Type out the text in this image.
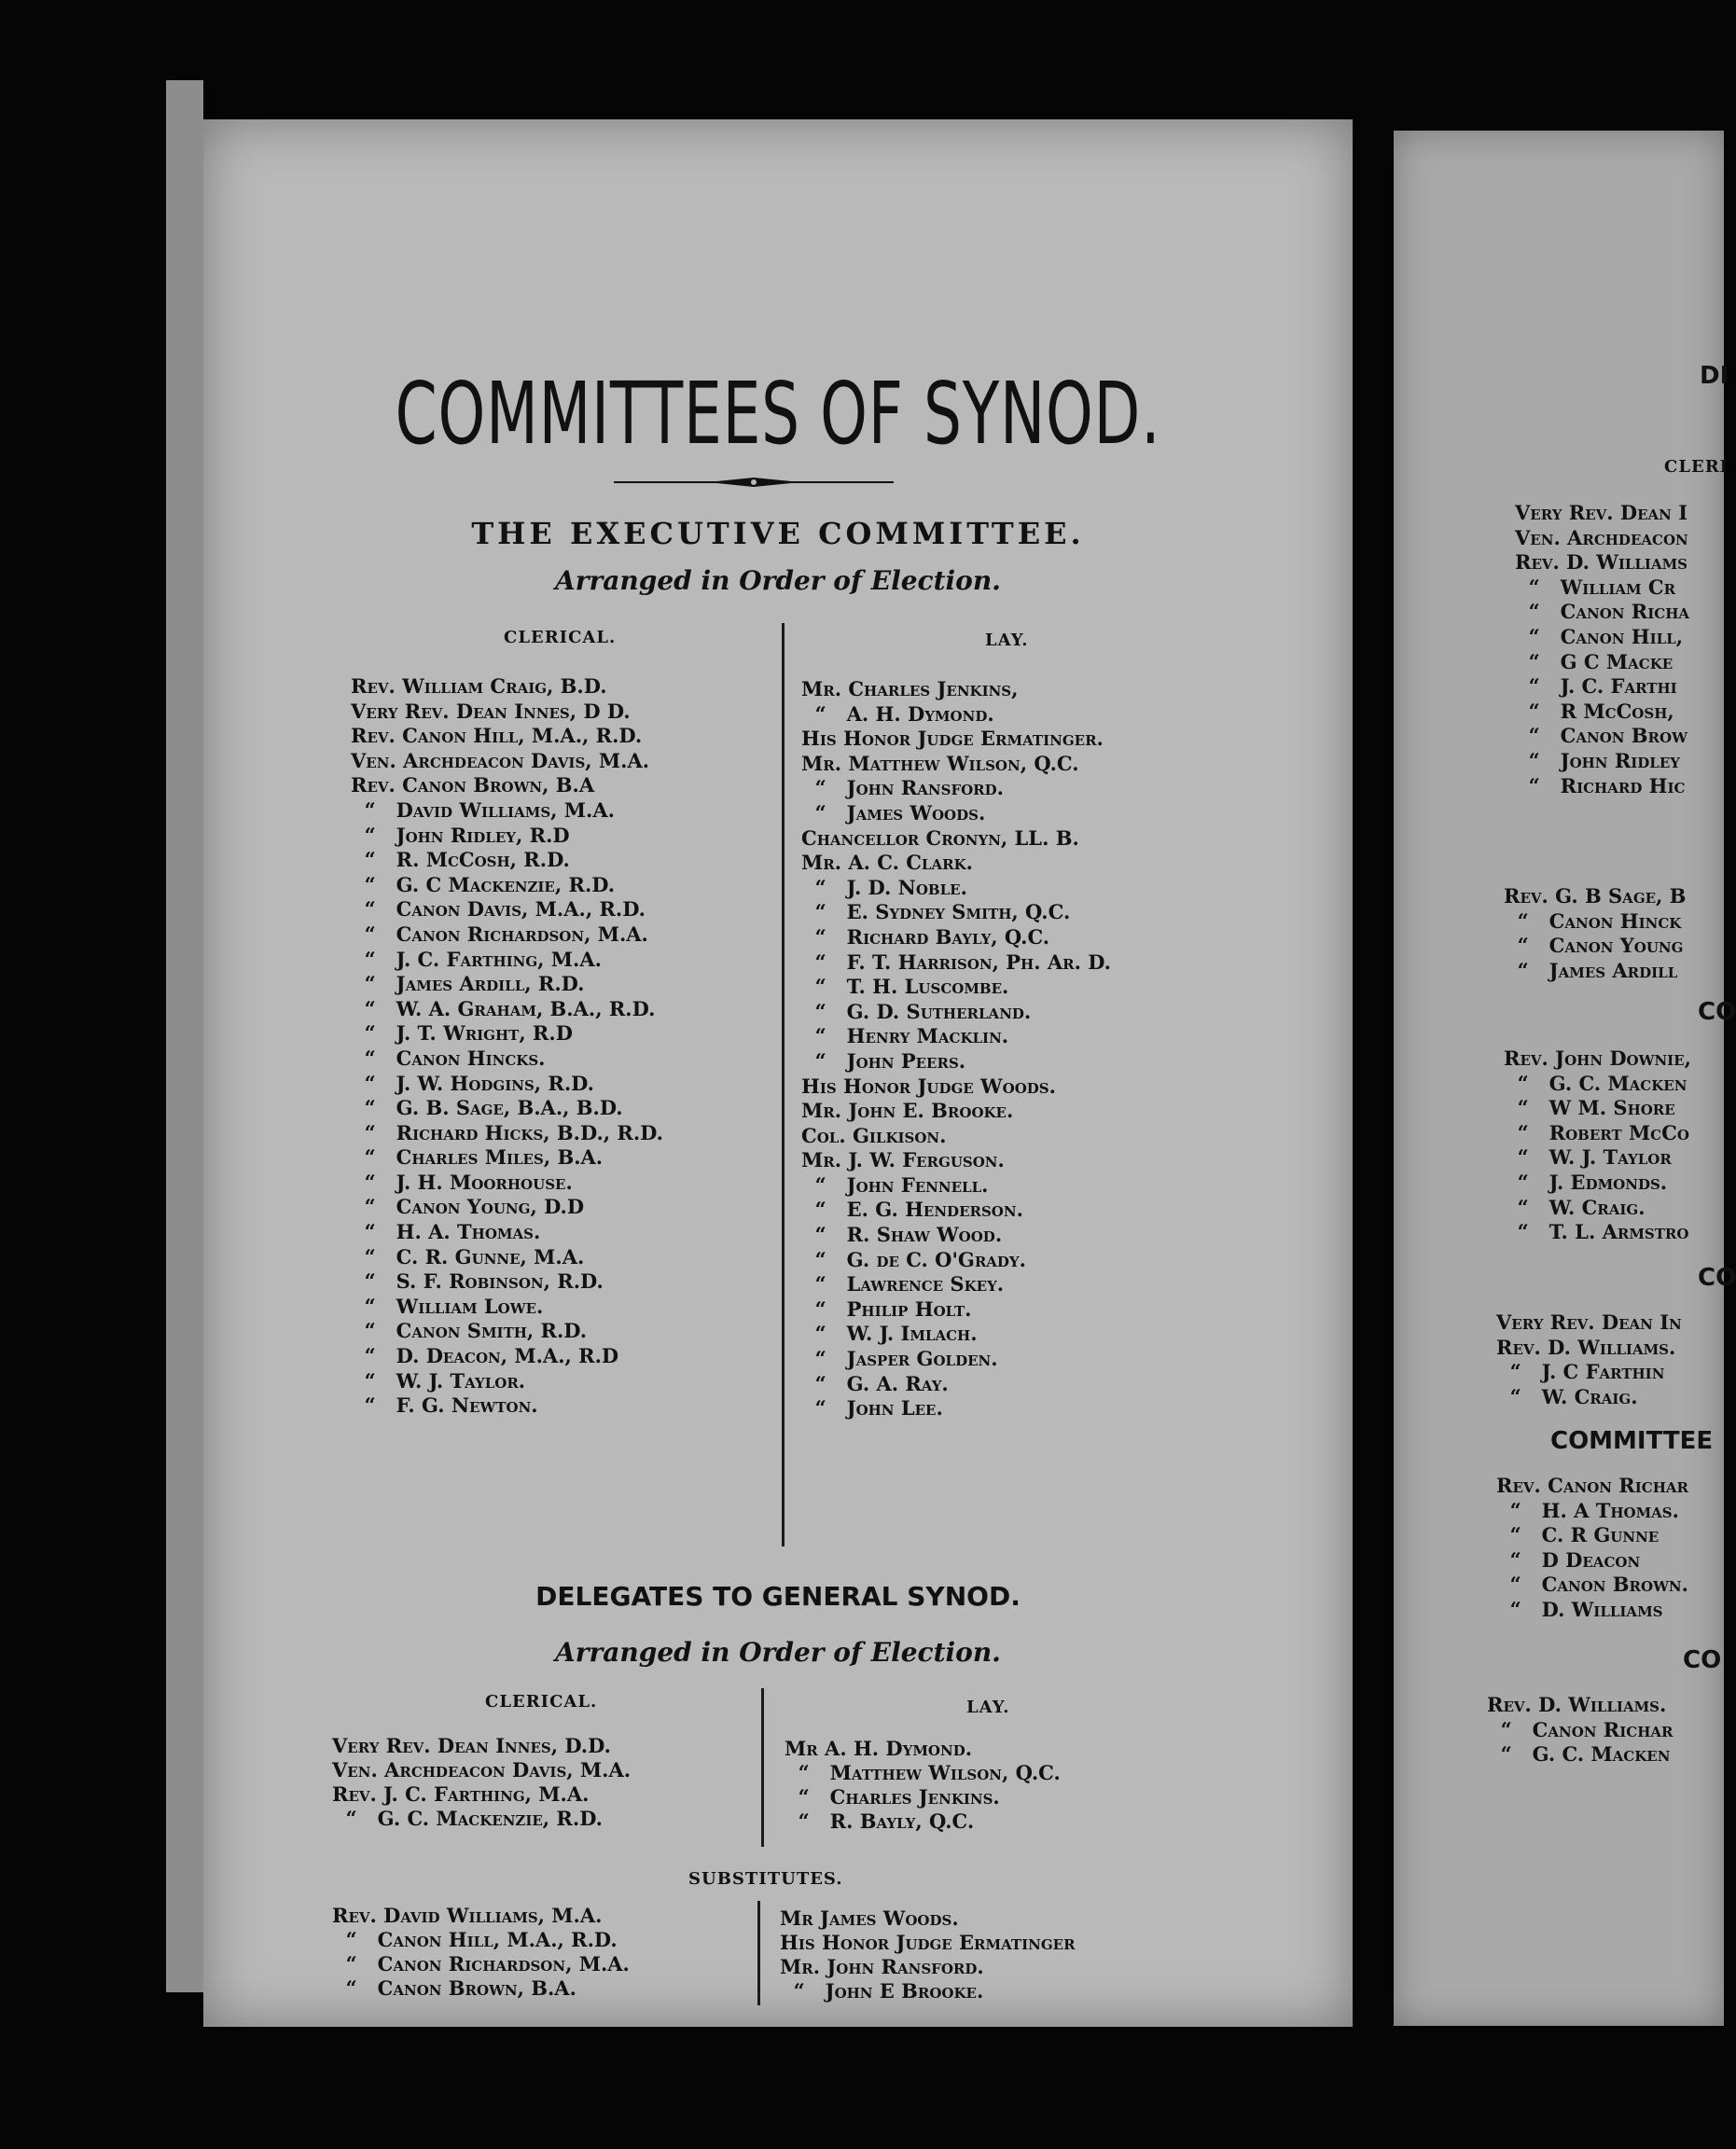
COMMITTEES OF SYNOD.
THE EXECUTIVE COMMITTEE.
Arranged in Order of Election.
CLERICAL.	LAY.
Rev. William Craig, B.D.
Very Rev. Dean Innes, D D.
Rev. Canon Hill, M.A., R.D.
Ven. Archdeacon Davis, M.A.
Rev. Canon Brown, B.A
“   David Williams, M.A.
“   John Ridley, R.D
“   R. McCosh, R.D.
“   G. C Mackenzie, R.D.
“   Canon Davis, M.A., R.D.
“   Canon Richardson, M.A.
“   J. C. Farthing, M.A.
“   James Ardill, R.D.
“   W. A. Graham, B.A., R.D.
“   J. T. Wright, R.D
“   Canon Hincks.
“   J. W. Hodgins, R.D.
“   G. B. Sage, B.A., B.D.
“   Richard Hicks, B.D., R.D.
“   Charles Miles, B.A.
“   J. H. Moorhouse.
“   Canon Young, D.D
“   H. A. Thomas.
“   C. R. Gunne, M.A.
“   S. F. Robinson, R.D.
“   William Lowe.
“   Canon Smith, R.D.
“   D. Deacon, M.A., R.D
“   W. J. Taylor.
“   F. G. Newton.
Mr. Charles Jenkins,
“   A. H. Dymond.
His Honor Judge Ermatinger.
Mr. Matthew Wilson, Q.C.
“   John Ransford.
“   James Woods.
Chancellor Cronyn, LL. B.
Mr. A. C. Clark.
“   J. D. Noble.
“   E. Sydney Smith, Q.C.
“   Richard Bayly, Q.C.
“   F. T. Harrison, Ph. Ar. D.
“   T. H. Luscombe.
“   G. D. Sutherland.
“   Henry Macklin.
“   John Peers.
His Honor Judge Woods.
Mr. John E. Brooke.
Col. Gilkison.
Mr. J. W. Ferguson.
“   John Fennell.
“   E. G. Henderson.
“   R. Shaw Wood.
“   G. de C. O'Grady.
“   Lawrence Skey.
“   Philip Holt.
“   W. J. Imlach.
“   Jasper Golden.
“   G. A. Ray.
“   John Lee.
DELEGATES TO GENERAL SYNOD.
Arranged in Order of Election.
CLERICAL.	LAY.
Very Rev. Dean Innes, D.D.
Ven. Archdeacon Davis, M.A.
Rev. J. C. Farthing, M.A.
“   G. C. Mackenzie, R.D.
Mr A. H. Dymond.
“   Matthew Wilson, Q.C.
“   Charles Jenkins.
“   R. Bayly, Q.C.
SUBSTITUTES.
Rev. David Williams, M.A.
“   Canon Hill, M.A., R.D.
“   Canon Richardson, M.A.
“   Canon Brown, B.A.
Mr James Woods.
His Honor Judge Ermatinger
Mr. John Ransford.
“   John E Brooke.
DI
CLERI
Very Rev. Dean I
Ven. Archdeacon
Rev. D. Williams
“   William Cr
“   Canon Richa
“   Canon Hill,
“   G C Macke
“   J. C. Farthi
“   R McCosh,
“   Canon Brow
“   John Ridley
“   Richard Hic
Rev. G. B Sage, B
“   Canon Hinck
“   Canon Young
“   James Ardill
CO
Rev. John Downie,
“   G. C. Macken
“   W M. Shore
“   Robert McCo
“   W. J. Taylor
“   J. Edmonds.
“   W. Craig.
“   T. L. Armstro
CO
Very Rev. Dean In
Rev. D. Williams.
“   J. C Farthin
“   W. Craig.
COMMITTEE
Rev. Canon Richar
“   H. A Thomas.
“   C. R Gunne
“   D Deacon
“   Canon Brown.
“   D. Williams
CO
Rev. D. Williams.
“   Canon Richar
“   G. C. Macken
